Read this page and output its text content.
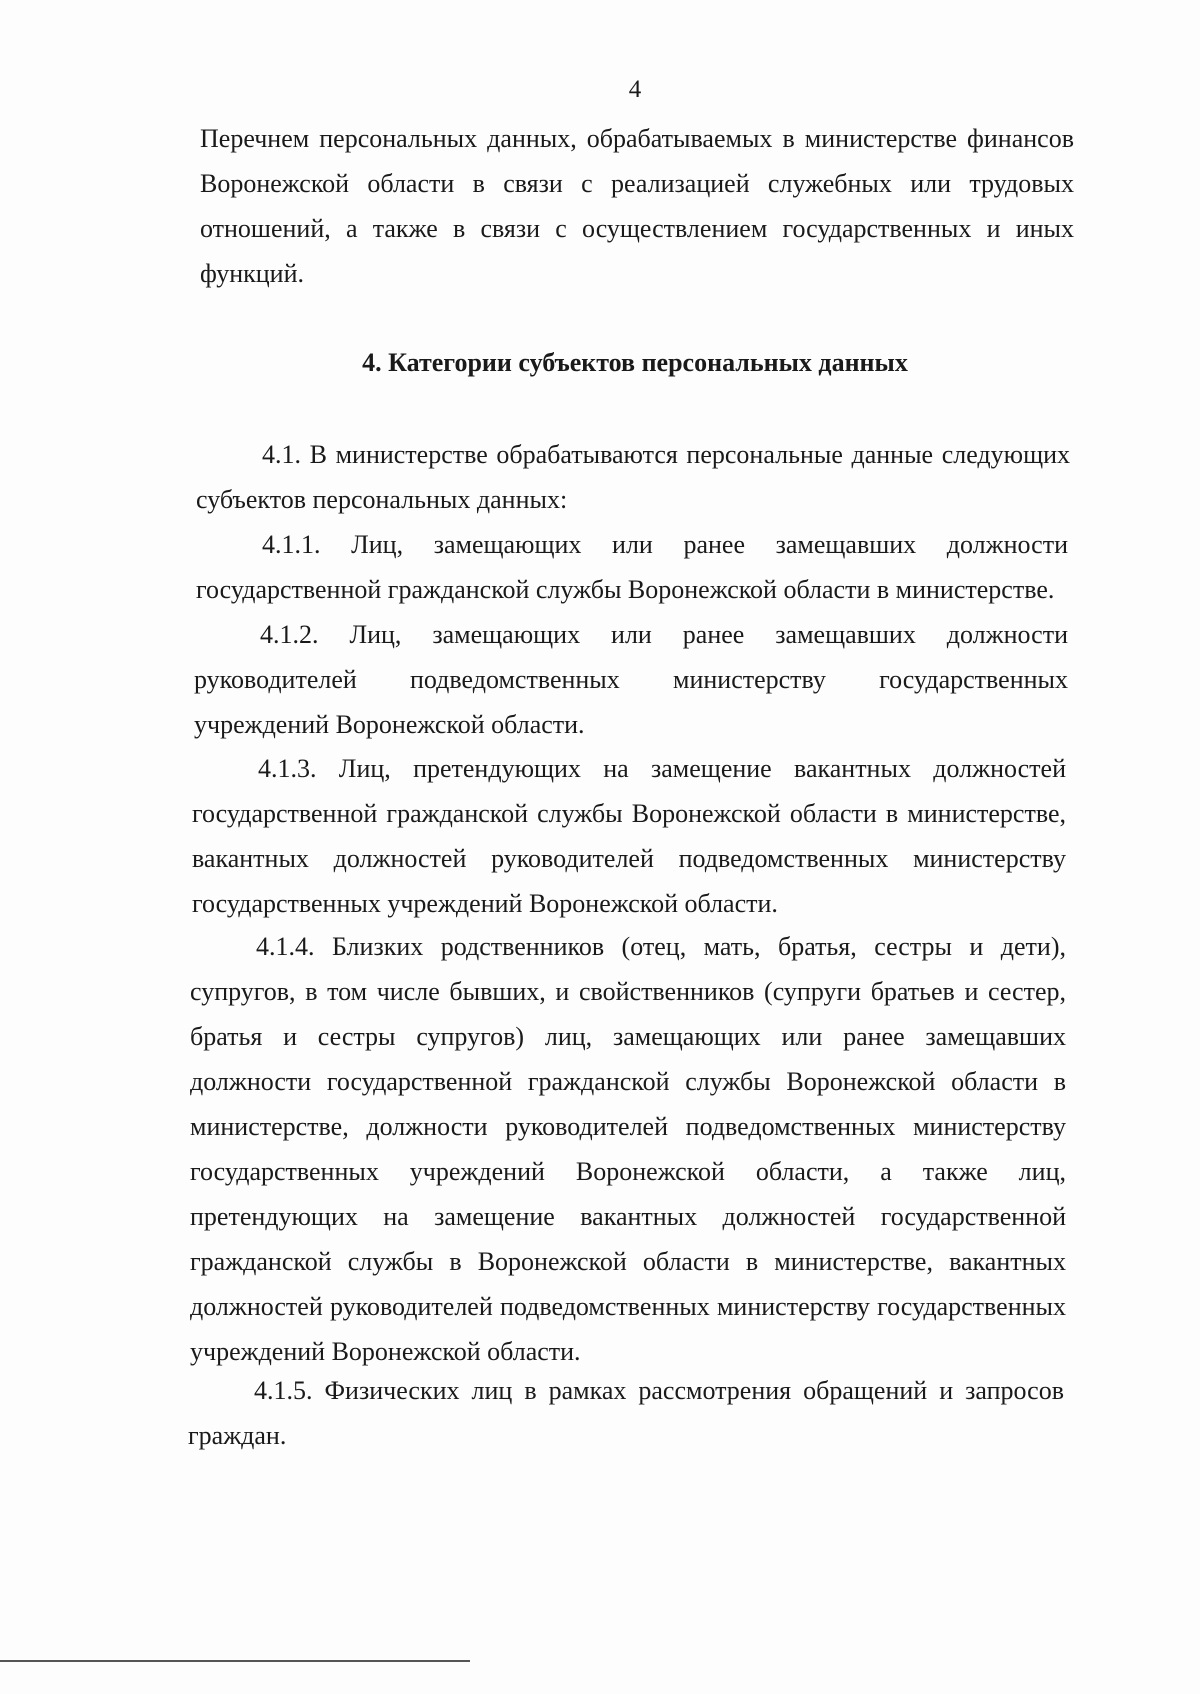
4

Перечнем персональных данных, обрабатываемых в министерстве финансов Воронежской области в связи с реализацией служебных или трудовых отношений, а также в связи с осуществлением государственных и иных функций.

4. Категории субъектов персональных данных

4.1. В министерстве обрабатываются персональные данные следующих субъектов персональных данных:

4.1.1. Лиц, замещающих или ранее замещавших должности государственной гражданской службы Воронежской области в министерстве.

4.1.2. Лиц, замещающих или ранее замещавших должности руководителей подведомственных министерству государственных учреждений Воронежской области.

4.1.3. Лиц, претендующих на замещение вакантных должностей государственной гражданской службы Воронежской области в министерстве, вакантных должностей руководителей подведомственных министерству государственных учреждений Воронежской области.

4.1.4. Близких родственников (отец, мать, братья, сестры и дети), супругов, в том числе бывших, и свойственников (супруги братьев и сестер, братья и сестры супругов) лиц, замещающих или ранее замещавших должности государственной гражданской службы Воронежской области в министерстве, должности руководителей подведомственных министерству государственных учреждений Воронежской области, а также лиц, претендующих на замещение вакантных должностей государственной гражданской службы в Воронежской области в министерстве, вакантных должностей руководителей подведомственных министерству государственных учреждений Воронежской области.

4.1.5. Физических лиц в рамках рассмотрения обращений и запросов граждан.
